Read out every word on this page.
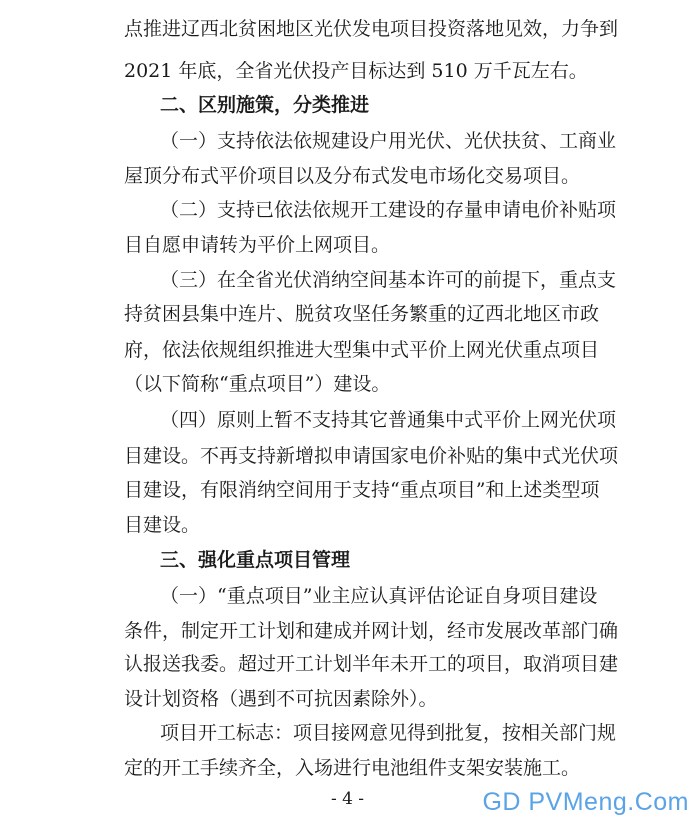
点推进辽西北贫困地区光伏发电项目投资落地见效，力争到
2021 年底，全省光伏投产目标达到 510 万千瓦左右。
二、区别施策，分类推进
（一）支持依法依规建设户用光伏、光伏扶贫、工商业
屋顶分布式平价项目以及分布式发电市场化交易项目。
（二）支持已依法依规开工建设的存量申请电价补贴项
目自愿申请转为平价上网项目。
（三）在全省光伏消纳空间基本许可的前提下，重点支
持贫困县集中连片、脱贫攻坚任务繁重的辽西北地区市政
府，依法依规组织推进大型集中式平价上网光伏重点项目
（以下简称“重点项目”）建设。
（四）原则上暂不支持其它普通集中式平价上网光伏项
目建设。不再支持新增拟申请国家电价补贴的集中式光伏项
目建设，有限消纳空间用于支持“重点项目”和上述类型项
目建设。
三、强化重点项目管理
（一）“重点项目”业主应认真评估论证自身项目建设
条件，制定开工计划和建成并网计划，经市发展改革部门确
认报送我委。超过开工计划半年未开工的项目，取消项目建
设计划资格（遇到不可抗因素除外）。
项目开工标志：项目接网意见得到批复，按相关部门规
定的开工手续齐全，入场进行电池组件支架安装施工。
- 4 -	GD PVMeng.Com
